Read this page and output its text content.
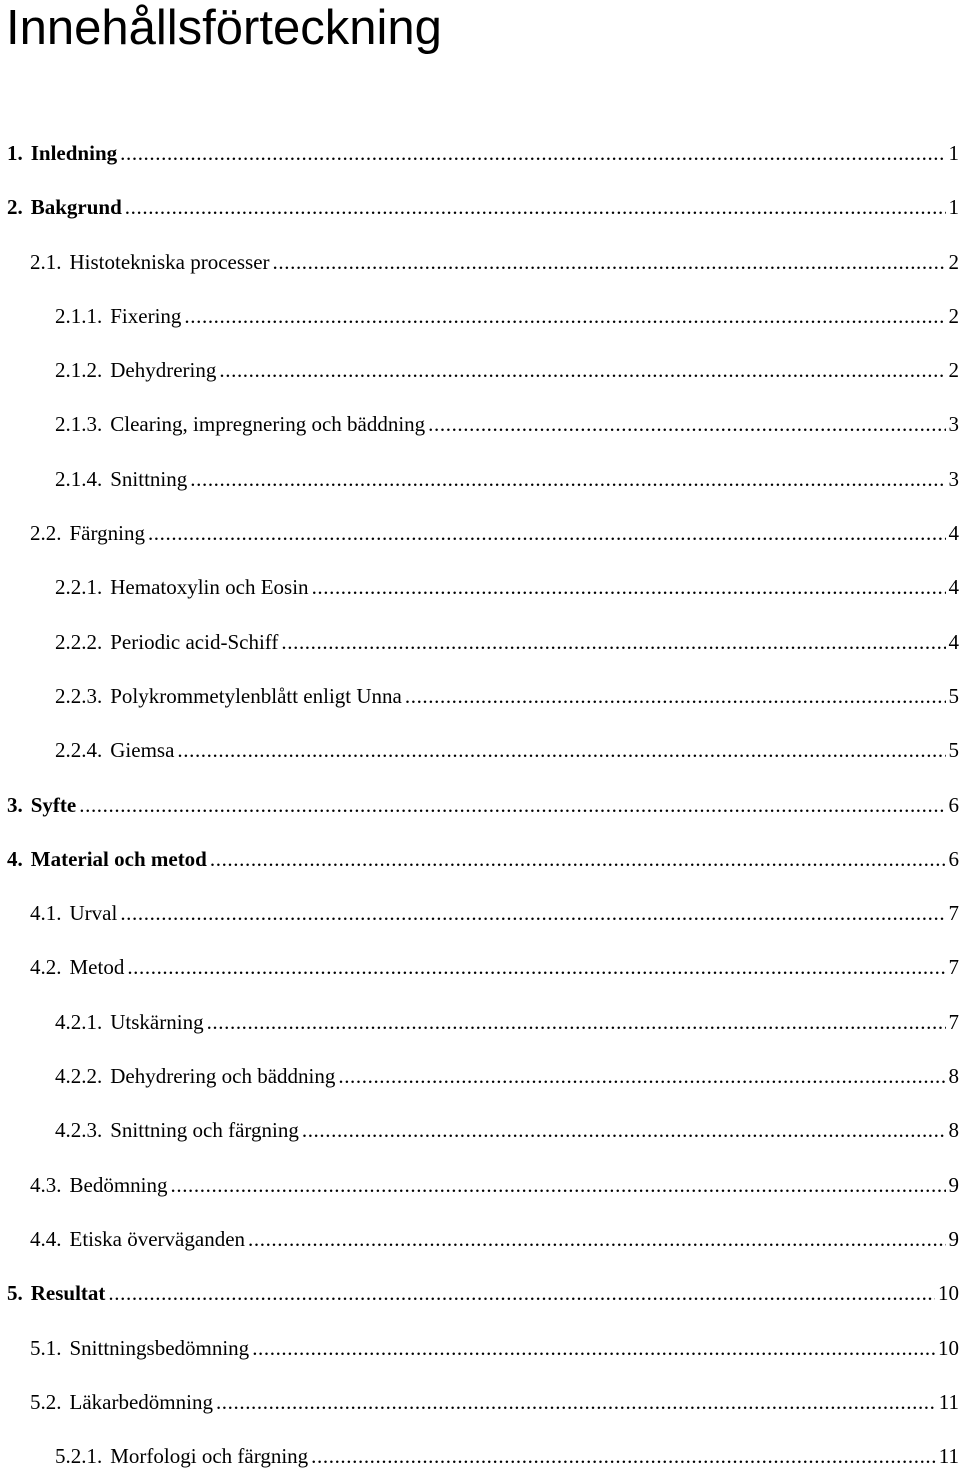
Innehållsförteckning
1. Inledning .....	1
2. Bakgrund .....	1
2.1. Histotekniska processer .....	2
2.1.1. Fixering .....	2
2.1.2. Dehydrering .....	2
2.1.3. Clearing, impregnering och bäddning .....	3
2.1.4. Snittning .....	3
2.2. Färgning .....	4
2.2.1. Hematoxylin och Eosin .....	4
2.2.2. Periodic acid-Schiff .....	4
2.2.3. Polykrommetylenblått enligt Unna .....	5
2.2.4. Giemsa .....	5
3. Syfte .....	6
4. Material och metod .....	6
4.1. Urval .....	7
4.2. Metod .....	7
4.2.1. Utskärning .....	7
4.2.2. Dehydrering och bäddning .....	8
4.2.3. Snittning och färgning .....	8
4.3. Bedömning .....	9
4.4. Etiska överväganden .....	9
5. Resultat .....	10
5.1. Snittningsbedömning .....	10
5.2. Läkarbedömning .....	11
5.2.1. Morfologi och färgning .....	11
